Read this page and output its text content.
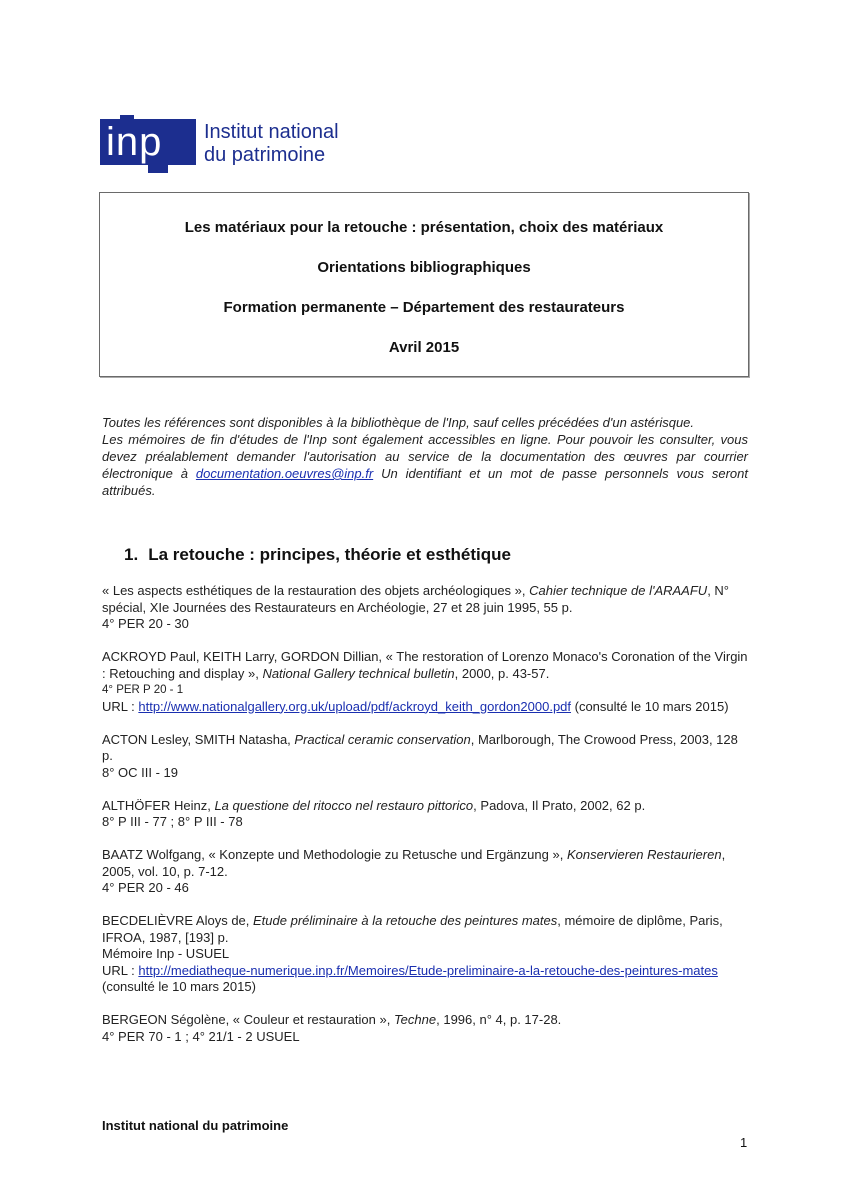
inp Institut national
du patrimoine
Les matériaux pour la retouche : présentation, choix des matériaux
Orientations bibliographiques
Formation permanente – Département des restaurateurs
Avril 2015

Toutes les références sont disponibles à la bibliothèque de l'Inp, sauf celles précédées d'un astérisque.

Les mémoires de fin d'études de l'Inp sont également accessibles en ligne. Pour pouvoir les consulter, vous devez préalablement demander l'autorisation au service de la documentation des œuvres par courrier électronique à documentation.oeuvres@inp.fr Un identifiant et un mot de passe personnels vous seront attribués.

1. La retouche : principes, théorie et esthétique
« Les aspects esthétiques de la restauration des objets archéologiques », Cahier technique de l'ARAAFU, N° spécial, XIe Journées des Restaurateurs en Archéologie, 27 et 28 juin 1995, 55 p.
4° PER 20 - 30
ACKROYD Paul, KEITH Larry, GORDON Dillian, « The restoration of Lorenzo Monaco's Coronation of the Virgin : Retouching and display », National Gallery technical bulletin, 2000, p. 43-57.
4° PER P 20 - 1
URL : http://www.nationalgallery.org.uk/upload/pdf/ackroyd_keith_gordon2000.pdf (consulté le 10 mars 2015)
ACTON Lesley, SMITH Natasha, Practical ceramic conservation, Marlborough, The Crowood Press, 2003, 128 p.
8° OC III - 19
ALTHÖFER Heinz, La questione del ritocco nel restauro pittorico, Padova, Il Prato, 2002, 62 p.
8° P III - 77 ; 8° P III - 78
BAATZ Wolfgang, « Konzepte und Methodologie zu Retusche und Ergänzung », Konservieren Restaurieren, 2005, vol. 10, p. 7-12.
4° PER 20 - 46
BECDELIÈVRE Aloys de, Etude préliminaire à la retouche des peintures mates, mémoire de diplôme, Paris, IFROA, 1987, [193] p.
Mémoire Inp - USUEL
URL : http://mediatheque-numerique.inp.fr/Memoires/Etude-preliminaire-a-la-retouche-des-peintures-mates (consulté le 10 mars 2015)
BERGEON Ségolène, « Couleur et restauration », Techne, 1996, n° 4, p. 17-28.
4° PER 70 - 1 ; 4° 21/1 - 2 USUEL
Institut national du patrimoine
1
